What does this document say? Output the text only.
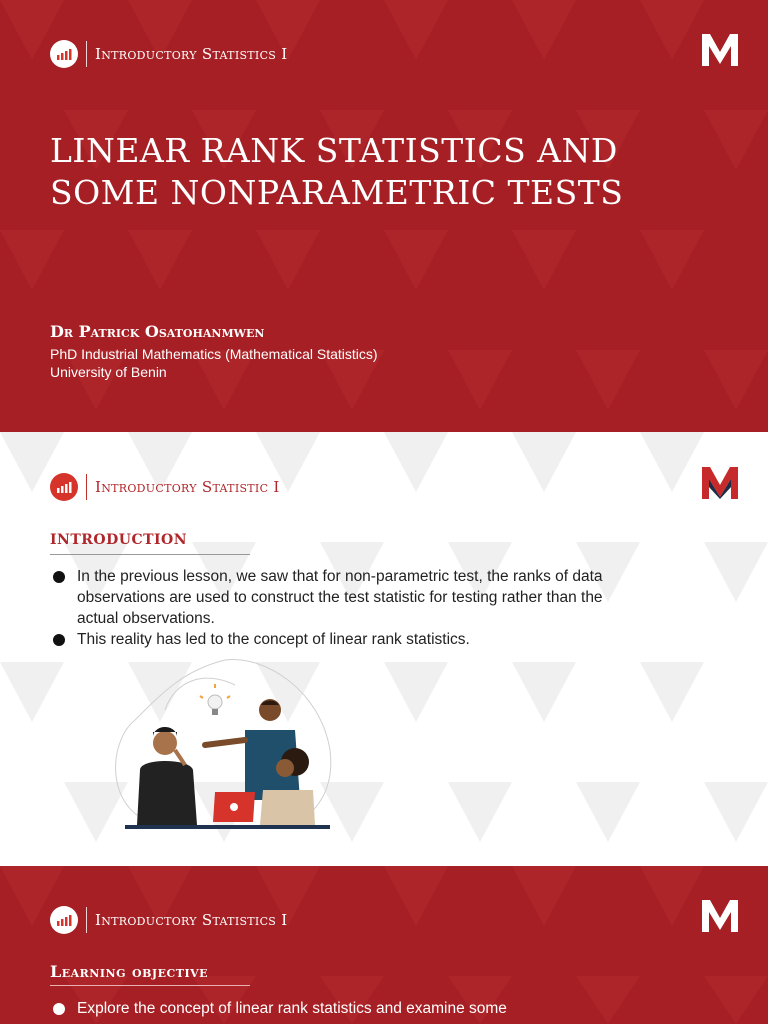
Introductory Statistics I
LINEAR RANK STATISTICS AND
SOME NONPARAMETRIC TESTS
Dr Patrick Osatohanmwen
PhD Industrial Mathematics (Mathematical Statistics)
University of Benin
Introductory Statistic I
INTRODUCTION
In the previous lesson, we saw that for non-parametric test, the ranks of data observations are used to construct the test statistic for testing rather than the actual observations.
This reality has led to the concept of linear rank statistics.
Introductory Statistics I
Learning objective
Explore the concept of linear rank statistics and examine some
